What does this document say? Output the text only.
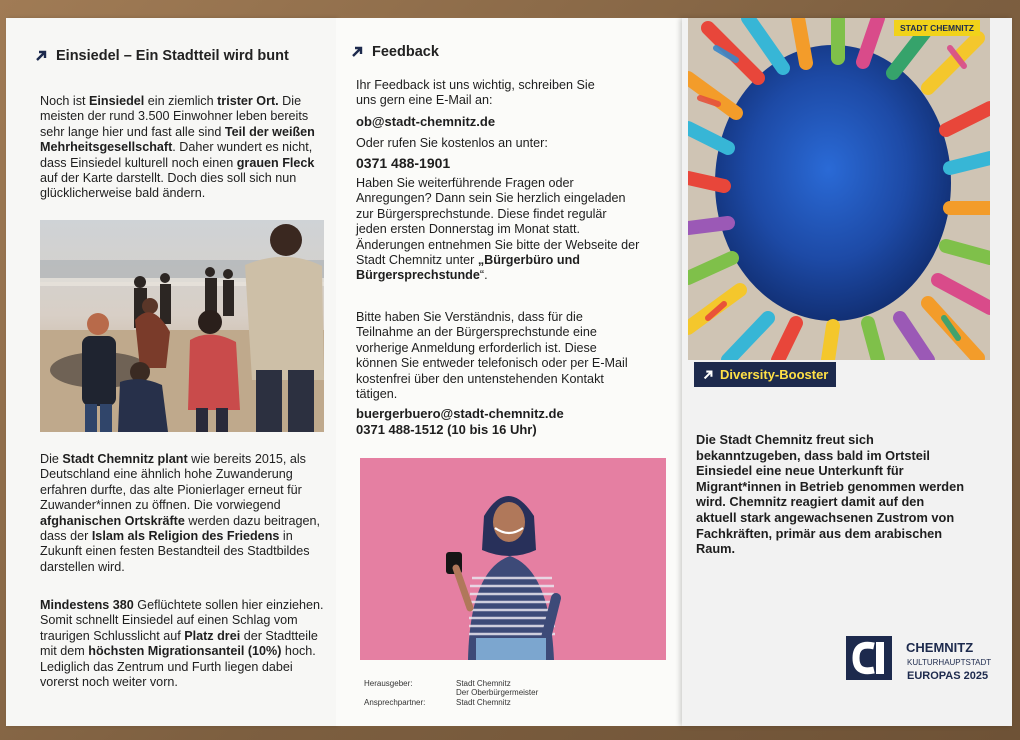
Einsiedel – Ein Stadtteil wird bunt
Noch ist Einsiedel ein ziemlich trister Ort. Die meisten der rund 3.500 Einwohner leben bereits sehr lange hier und fast alle sind Teil der weißen Mehrheitsgesellschaft. Daher wundert es nicht, dass Einsiedel kulturell noch einen grauen Fleck auf der Karte darstellt. Doch dies soll sich nun glücklicherweise bald ändern.
Die Stadt Chemnitz plant wie bereits 2015, als Deutschland eine ähnlich hohe Zuwanderung erfahren durfte, das alte Pionierlager erneut für Zuwander*innen zu öffnen. Die vorwiegend afghanischen Ortskräfte werden dazu beitragen, dass der Islam als Religion des Friedens in Zukunft einen festen Bestandteil des Stadtbildes darstellen wird.
Mindestens 380 Geflüchtete sollen hier einziehen. Somit schnellt Einsiedel auf einen Schlag vom traurigen Schlusslicht auf Platz drei der Stadtteile mit dem höchsten Migrationsanteil (10%) hoch. Lediglich das Zentrum und Furth liegen dabei vorerst noch weiter vorn.
Feedback
Ihr Feedback ist uns wichtig, schreiben Sie uns gern eine E-Mail an:
ob@stadt-chemnitz.de
Oder rufen Sie kostenlos an unter:
0371 488-1901
Haben Sie weiterführende Fragen oder Anregungen? Dann sein Sie herzlich eingeladen zur Bürgersprechstunde. Diese findet regulär jeden ersten Donnerstag im Monat statt. Änderungen entnehmen Sie bitte der Webseite der Stadt Chemnitz unter „Bürgerbüro und Bürgersprechstunde“.
Bitte haben Sie Verständnis, dass für die Teilnahme an der Bürgersprechstunde eine vorherige Anmeldung erforderlich ist. Diese können Sie entweder telefonisch oder per E-Mail kostenfrei über den untenstehenden Kontakt tätigen.
buergerbuero@stadt-chemnitz.de
0371 488-1512 (10 bis 16 Uhr)
Herausgeber:	Stadt Chemnitz
Der Oberbürgermeister
Ansprechpartner:	Stadt Chemnitz
STADT CHEMNITZ
Diversity-Booster
Die Stadt Chemnitz freut sich bekanntzugeben, dass bald im Ortsteil Einsiedel eine neue Unterkunft für Migrant*innen in Betrieb genommen werden wird. Chemnitz reagiert damit auf den aktuell stark angewachsenen Zustrom von Fachkräften, primär aus dem arabischen Raum.
CHEMNITZ
KULTURHAUPTSTADT
EUROPAS 2025
